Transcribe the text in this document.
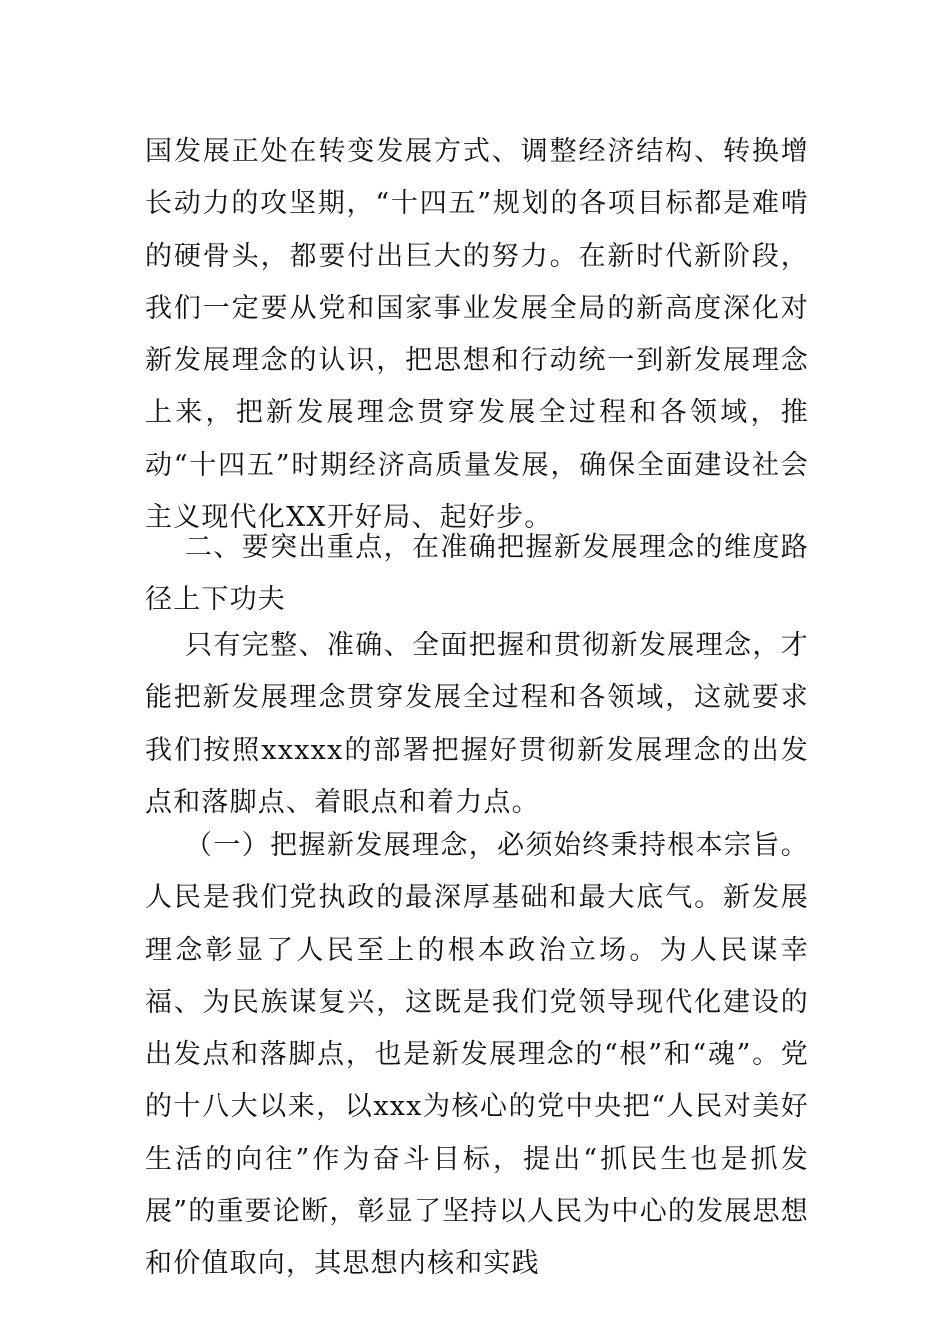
国发展正处在转变发展方式、调整经济结构、转换增长动力的攻坚期，“十四五”规划的各项目标都是难啃的硬骨头，都要付出巨大的努力。在新时代新阶段，我们一定要从党和国家事业发展全局的新高度深化对新发展理念的认识，把思想和行动统一到新发展理念上来，把新发展理念贯穿发展全过程和各领域，推动“十四五”时期经济高质量发展，确保全面建设社会主义现代化XX开好局、起好步。

二、要突出重点，在准确把握新发展理念的维度路径上下功夫

只有完整、准确、全面把握和贯彻新发展理念，才能把新发展理念贯穿发展全过程和各领域，这就要求我们按照xxxxx的部署把握好贯彻新发展理念的出发点和落脚点、着眼点和着力点。

（一）把握新发展理念，必须始终秉持根本宗旨。人民是我们党执政的最深厚基础和最大底气。新发展理念彰显了人民至上的根本政治立场。为人民谋幸福、为民族谋复兴，这既是我们党领导现代化建设的出发点和落脚点，也是新发展理念的“根”和“魂”。党的十八大以来，以xxx为核心的党中央把“人民对美好生活的向往”作为奋斗目标，提出“抓民生也是抓发展”的重要论断，彰显了坚持以人民为中心的发展思想和价值取向，其思想内核和实践
